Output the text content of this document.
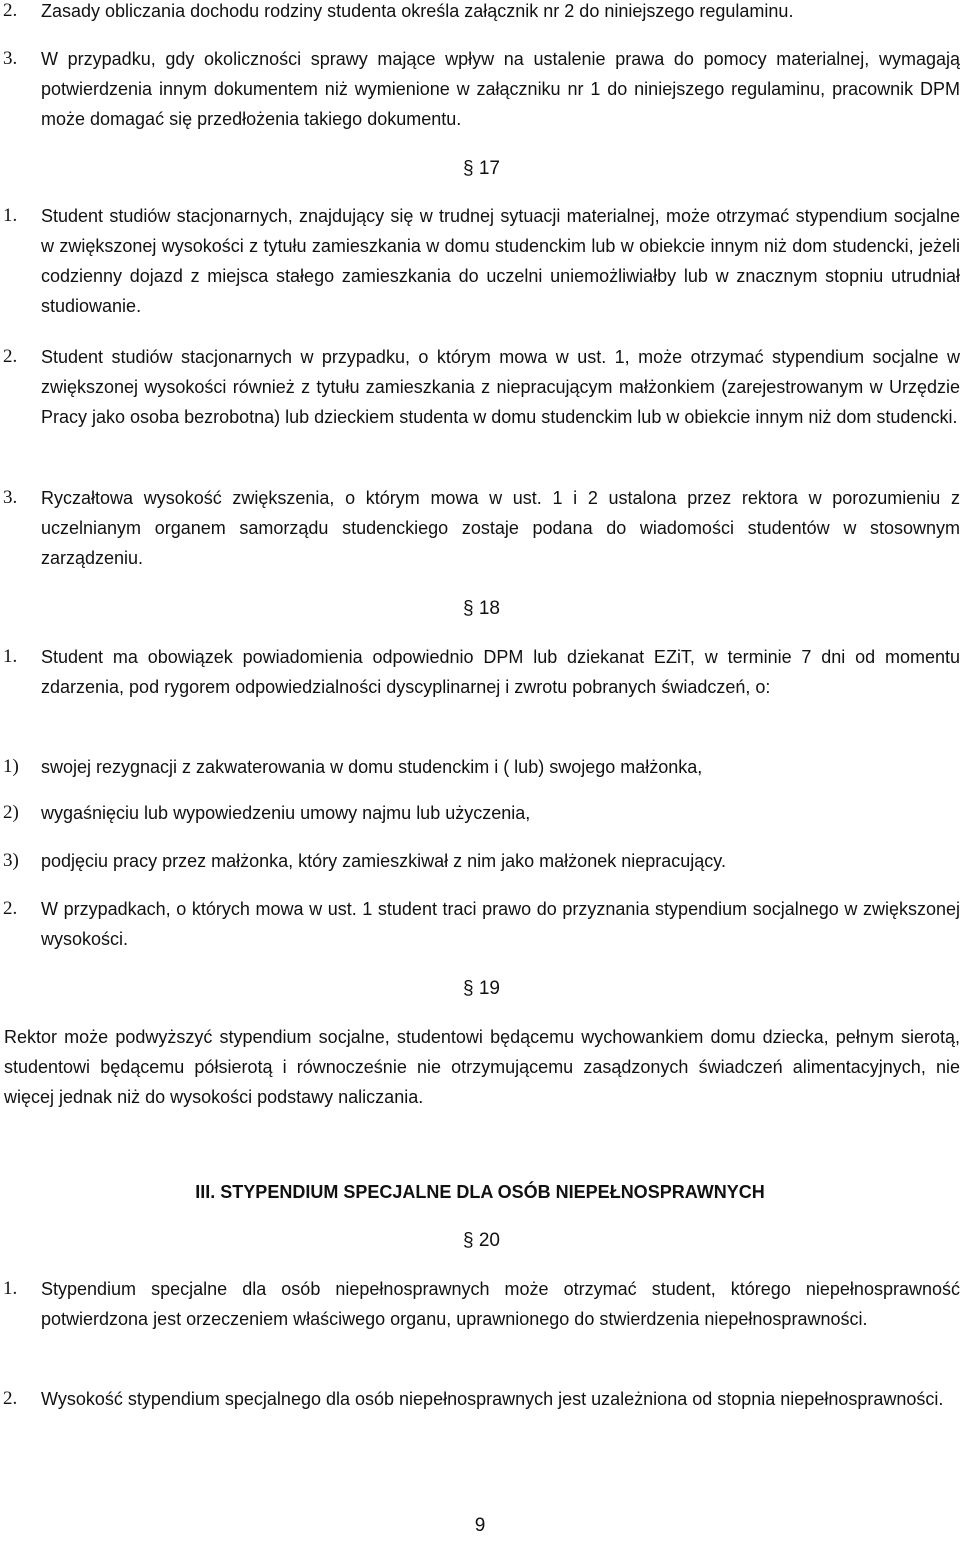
2. Zasady obliczania dochodu rodziny studenta określa załącznik nr 2 do niniejszego regulaminu.
3. W przypadku, gdy okoliczności sprawy mające wpływ na ustalenie prawa do pomocy materialnej, wymagają potwierdzenia innym dokumentem niż wymienione w załączniku nr 1 do niniejszego regulaminu, pracownik DPM może domagać się przedłożenia takiego dokumentu.
§ 17
1. Student studiów stacjonarnych, znajdujący się w trudnej sytuacji materialnej, może otrzymać stypendium socjalne w zwiększonej wysokości z tytułu zamieszkania w domu studenckim lub w obiekcie innym niż dom studencki, jeżeli codzienny dojazd z miejsca stałego zamieszkania do uczelni uniemożliwiałby lub w znacznym stopniu utrudniał studiowanie.
2. Student studiów stacjonarnych w przypadku, o którym mowa w ust. 1, może otrzymać stypendium socjalne w zwiększonej wysokości również z tytułu zamieszkania z niepracującym małżonkiem (zarejestrowanym w Urzędzie Pracy jako osoba bezrobotna) lub dzieckiem studenta w domu studenckim lub w obiekcie innym niż dom studencki.
3. Ryczałtowa wysokość zwiększenia, o którym mowa w ust. 1 i 2 ustalona przez rektora w porozumieniu z uczelnianym organem samorządu studenckiego zostaje podana do wiadomości studentów w stosownym zarządzeniu.
§ 18
1. Student ma obowiązek powiadomienia odpowiednio DPM lub dziekanat EZiT, w terminie 7 dni od momentu zdarzenia, pod rygorem odpowiedzialności dyscyplinarnej i zwrotu pobranych świadczeń, o:
1) swojej rezygnacji z zakwaterowania w domu studenckim i ( lub) swojego małżonka,
2) wygaśnięciu lub wypowiedzeniu umowy najmu lub użyczenia,
3) podjęciu pracy przez małżonka, który zamieszkiwał z nim jako małżonek niepracujący.
2. W przypadkach, o których mowa w ust. 1 student traci prawo do przyznania stypendium socjalnego w zwiększonej wysokości.
§ 19
Rektor może podwyższyć stypendium socjalne, studentowi będącemu wychowankiem domu dziecka, pełnym sierotą, studentowi będącemu półsierotą i równocześnie nie otrzymującemu zasądzonych świadczeń alimentacyjnych, nie więcej jednak niż do wysokości podstawy naliczania.
III. STYPENDIUM SPECJALNE DLA OSÓB NIEPEŁNOSPRAWNYCH
§ 20
1. Stypendium specjalne dla osób niepełnosprawnych może otrzymać student, którego niepełnosprawność potwierdzona jest orzeczeniem właściwego organu, uprawnionego do stwierdzenia niepełnosprawności.
2. Wysokość stypendium specjalnego dla osób niepełnosprawnych jest uzależniona od stopnia niepełnosprawności.
9
